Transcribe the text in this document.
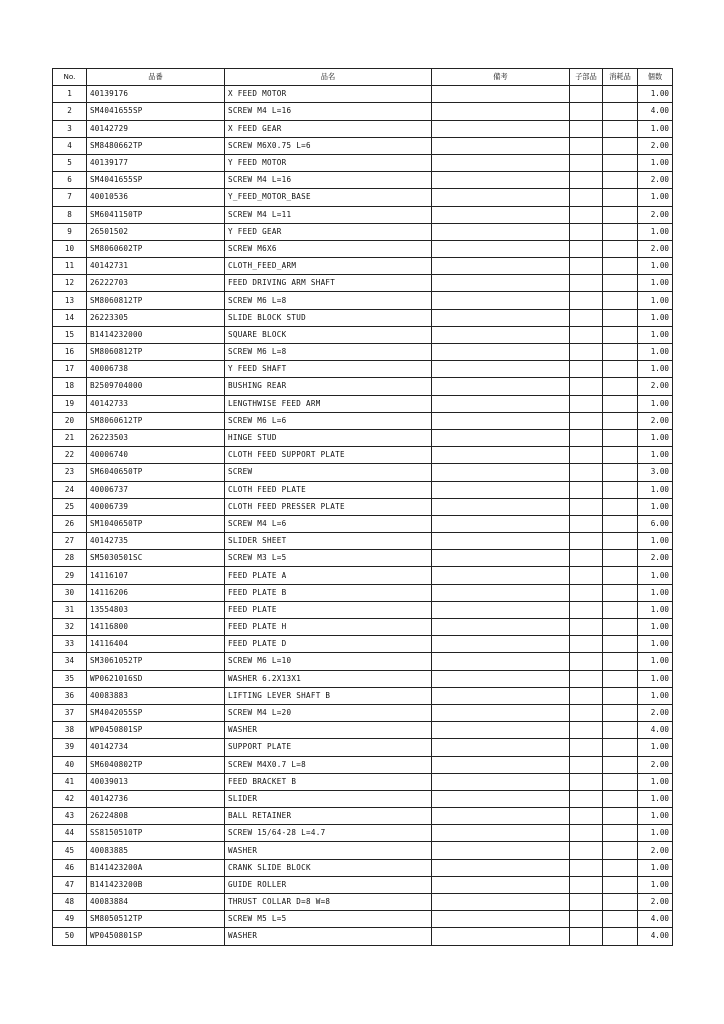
No.	品番	品名	備考	子部品	消耗品	個数
1	40139176	X FEED MOTOR				1.00
2	SM4041655SP	SCREW M4 L=16				4.00
3	40142729	X FEED GEAR				1.00
4	SM8480662TP	SCREW M6X0.75 L=6				2.00
5	40139177	Y FEED MOTOR				1.00
6	SM4041655SP	SCREW M4 L=16				2.00
7	40010536	Y_FEED_MOTOR_BASE				1.00
8	SM6041150TP	SCREW M4 L=11				2.00
9	26501502	Y FEED GEAR				1.00
10	SM8060602TP	SCREW M6X6				2.00
11	40142731	CLOTH_FEED_ARM				1.00
12	26222703	FEED DRIVING ARM SHAFT				1.00
13	SM8060812TP	SCREW M6 L=8				1.00
14	26223305	SLIDE BLOCK STUD				1.00
15	B1414232000	SQUARE BLOCK				1.00
16	SM8060812TP	SCREW M6 L=8				1.00
17	40006738	Y FEED SHAFT				1.00
18	B2509704000	BUSHING REAR				2.00
19	40142733	LENGTHWISE FEED ARM				1.00
20	SM8060612TP	SCREW M6 L=6				2.00
21	26223503	HINGE STUD				1.00
22	40006740	CLOTH FEED SUPPORT PLATE				1.00
23	SM6040650TP	SCREW				3.00
24	40006737	CLOTH FEED PLATE				1.00
25	40006739	CLOTH FEED PRESSER PLATE				1.00
26	SM1040650TP	SCREW M4 L=6				6.00
27	40142735	SLIDER SHEET				1.00
28	SM5030501SC	SCREW M3 L=5				2.00
29	14116107	FEED PLATE A				1.00
30	14116206	FEED PLATE B				1.00
31	13554803	FEED PLATE				1.00
32	14116800	FEED PLATE H				1.00
33	14116404	FEED PLATE D				1.00
34	SM3061052TP	SCREW M6 L=10				1.00
35	WP0621016SD	WASHER 6.2X13X1				1.00
36	40083883	LIFTING LEVER SHAFT B				1.00
37	SM4042055SP	SCREW M4 L=20				2.00
38	WP0450801SP	WASHER				4.00
39	40142734	SUPPORT PLATE				1.00
40	SM6040802TP	SCREW M4X0.7 L=8				2.00
41	40039013	FEED BRACKET B				1.00
42	40142736	SLIDER				1.00
43	26224808	BALL RETAINER				1.00
44	SS8150510TP	SCREW 15/64-28 L=4.7				1.00
45	40083885	WASHER				2.00
46	B141423200A	CRANK SLIDE BLOCK				1.00
47	B141423200B	GUIDE ROLLER				1.00
48	40083884	THRUST COLLAR D=8 W=8				2.00
49	SM8050512TP	SCREW M5 L=5				4.00
50	WP0450801SP	WASHER				4.00
